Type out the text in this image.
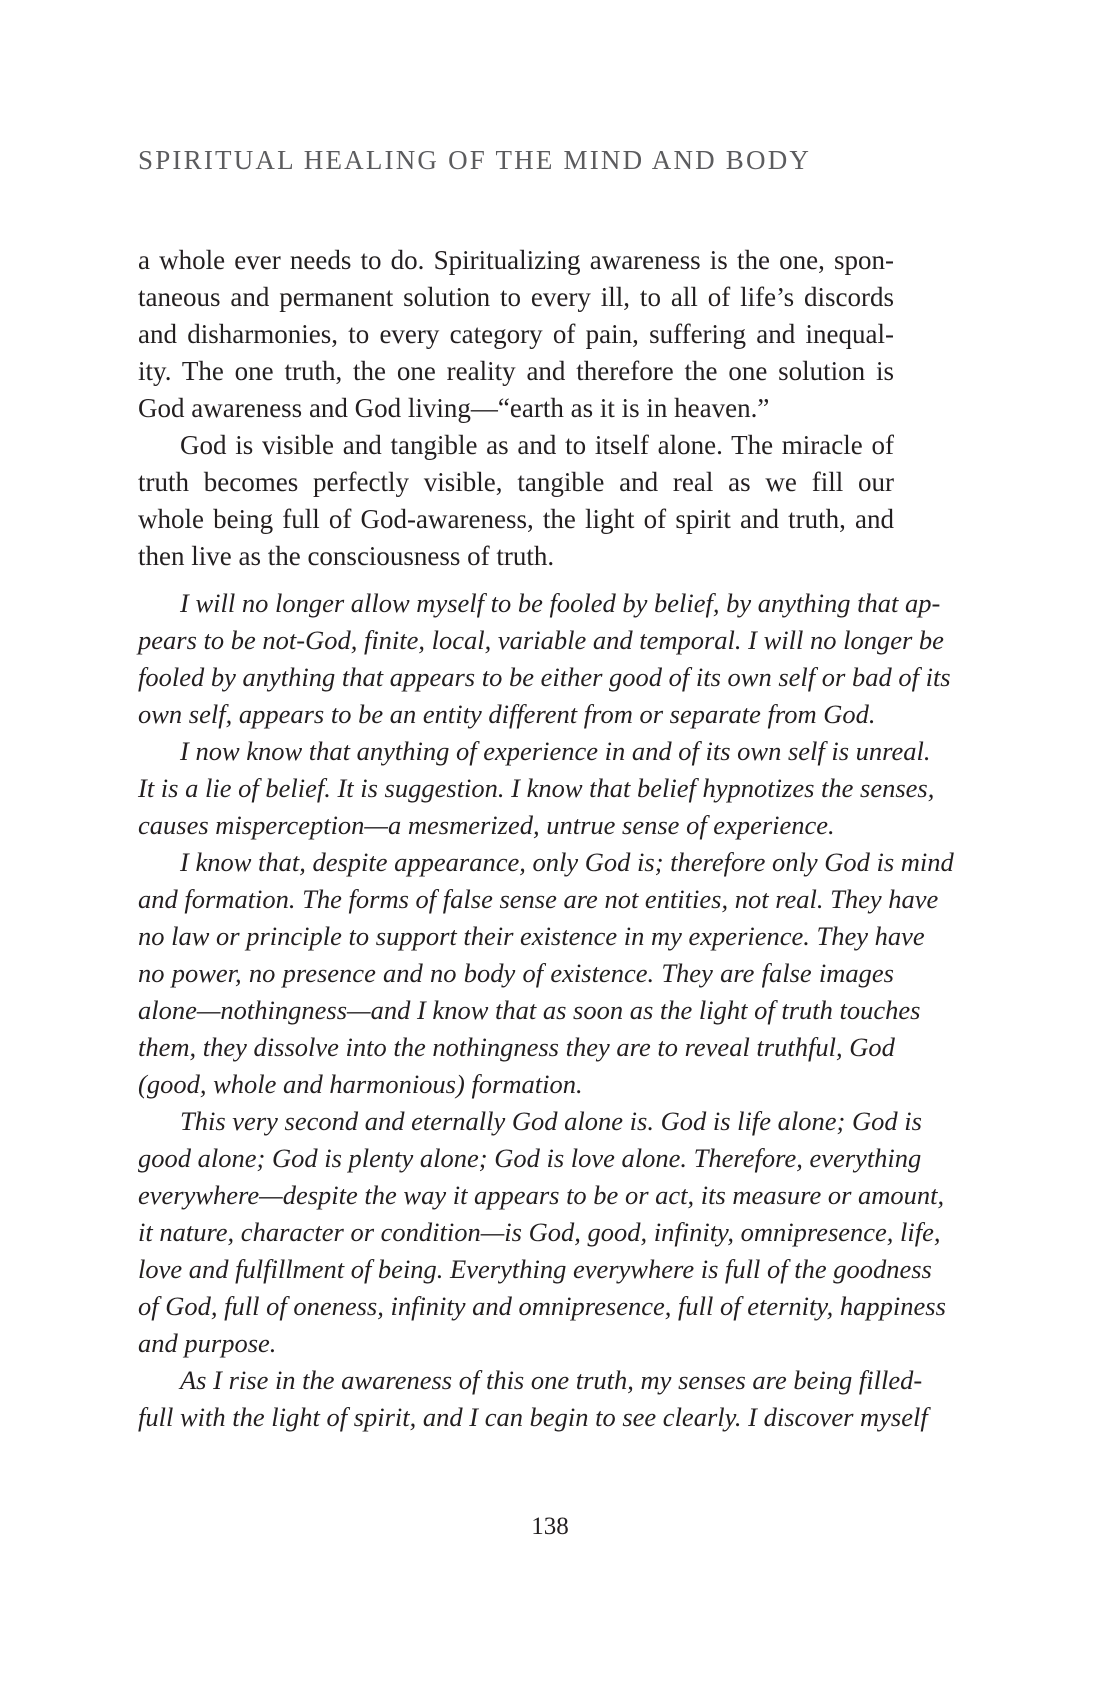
SPIRITUAL HEALING OF THE MIND AND BODY
a whole ever needs to do. Spiritualizing awareness is the one, spon-
taneous and permanent solution to every ill, to all of life’s discords
and disharmonies, to every category of pain, suffering and inequal-
ity. The one truth, the one reality and therefore the one solution is
God awareness and God living—“earth as it is in heaven.”
God is visible and tangible as and to itself alone. The miracle of
truth becomes perfectly visible, tangible and real as we fill our
whole being full of God-awareness, the light of spirit and truth, and
then live as the consciousness of truth.
I will no longer allow myself to be fooled by belief, by anything that ap-
pears to be not-God, finite, local, variable and temporal. I will no longer be
fooled by anything that appears to be either good of its own self or bad of its
own self, appears to be an entity different from or separate from God.
I now know that anything of experience in and of its own self is unreal.
It is a lie of belief. It is suggestion. I know that belief hypnotizes the senses,
causes misperception—a mesmerized, untrue sense of experience.
I know that, despite appearance, only God is; therefore only God is mind
and formation. The forms of false sense are not entities, not real. They have
no law or principle to support their existence in my experience. They have
no power, no presence and no body of existence. They are false images
alone—nothingness—and I know that as soon as the light of truth touches
them, they dissolve into the nothingness they are to reveal truthful, God
(good, whole and harmonious) formation.
This very second and eternally God alone is. God is life alone; God is
good alone; God is plenty alone; God is love alone. Therefore, everything
everywhere—despite the way it appears to be or act, its measure or amount,
it nature, character or condition—is God, good, infinity, omnipresence, life,
love and fulfillment of being. Everything everywhere is full of the goodness
of God, full of oneness, infinity and omnipresence, full of eternity, happiness
and purpose.
As I rise in the awareness of this one truth, my senses are being filled-
full with the light of spirit, and I can begin to see clearly. I discover myself
138
